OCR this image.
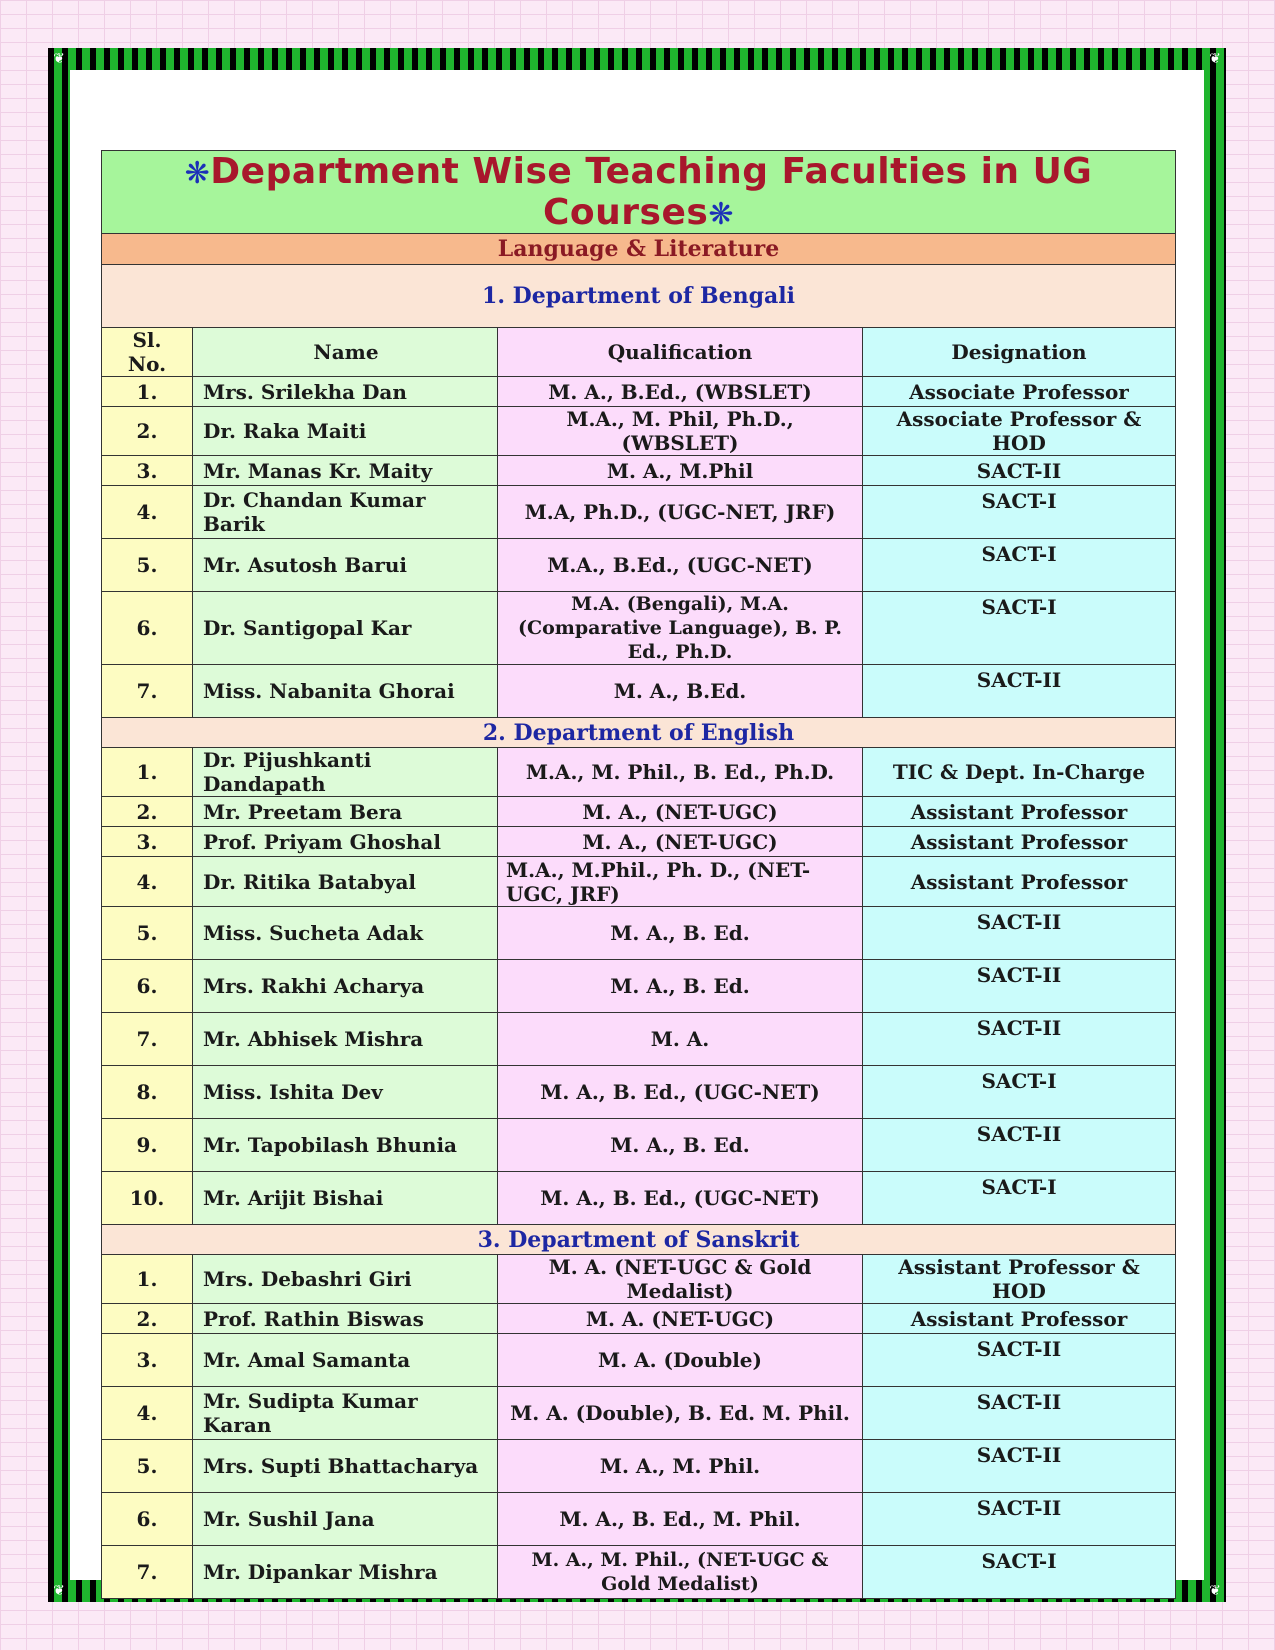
❦	❦
❦	❦
❋Department Wise Teaching Faculties in UG Courses❋			
Language & Literature			
1. Department of Bengali			
Sl. No.	Name	Qualification	Designation
1.	Mrs. Srilekha Dan	M. A., B.Ed., (WBSLET)	Associate Professor
2.	Dr. Raka Maiti	M.A., M. Phil, Ph.D., (WBSLET)	Associate Professor & HOD
3.	Mr. Manas Kr. Maity	M. A., M.Phil	SACT-II
4.	Dr. Chandan Kumar Barik	M.A, Ph.D., (UGC-NET, JRF)	SACT-I
5.	Mr. Asutosh Barui	M.A., B.Ed., (UGC-NET)	SACT-I
6.	Dr. Santigopal Kar	M.A. (Bengali), M.A. (Comparative Language), B. P. Ed., Ph.D.	SACT-I
7.	Miss. Nabanita Ghorai	M. A., B.Ed.	SACT-II
2. Department of English			
1.	Dr. Pijushkanti Dandapath	M.A., M. Phil., B. Ed., Ph.D.	TIC & Dept. In-Charge
2.	Mr. Preetam Bera	M. A., (NET-UGC)	Assistant Professor
3.	Prof. Priyam Ghoshal	M. A., (NET-UGC)	Assistant Professor
4.	Dr. Ritika Batabyal	M.A., M.Phil., Ph. D., (NET-UGC, JRF)	Assistant Professor
5.	Miss. Sucheta Adak	M. A., B. Ed.	SACT-II
6.	Mrs. Rakhi Acharya	M. A., B. Ed.	SACT-II
7.	Mr. Abhisek Mishra	M. A.	SACT-II
8.	Miss. Ishita Dev	M. A., B. Ed., (UGC-NET)	SACT-I
9.	Mr. Tapobilash Bhunia	M. A., B. Ed.	SACT-II
10.	Mr. Arijit Bishai	M. A., B. Ed., (UGC-NET)	SACT-I
3. Department of Sanskrit			
1.	Mrs. Debashri Giri	M. A. (NET-UGC & Gold Medalist)	Assistant Professor & HOD
2.	Prof. Rathin Biswas	M. A. (NET-UGC)	Assistant Professor
3.	Mr. Amal Samanta	M. A. (Double)	SACT-II
4.	Mr. Sudipta Kumar Karan	M. A. (Double), B. Ed. M. Phil.	SACT-II
5.	Mrs. Supti Bhattacharya	M. A., M. Phil.	SACT-II
6.	Mr. Sushil Jana	M. A., B. Ed., M. Phil.	SACT-II
7.	Mr. Dipankar Mishra	M. A., M. Phil., (NET-UGC & Gold Medalist)	SACT-I
